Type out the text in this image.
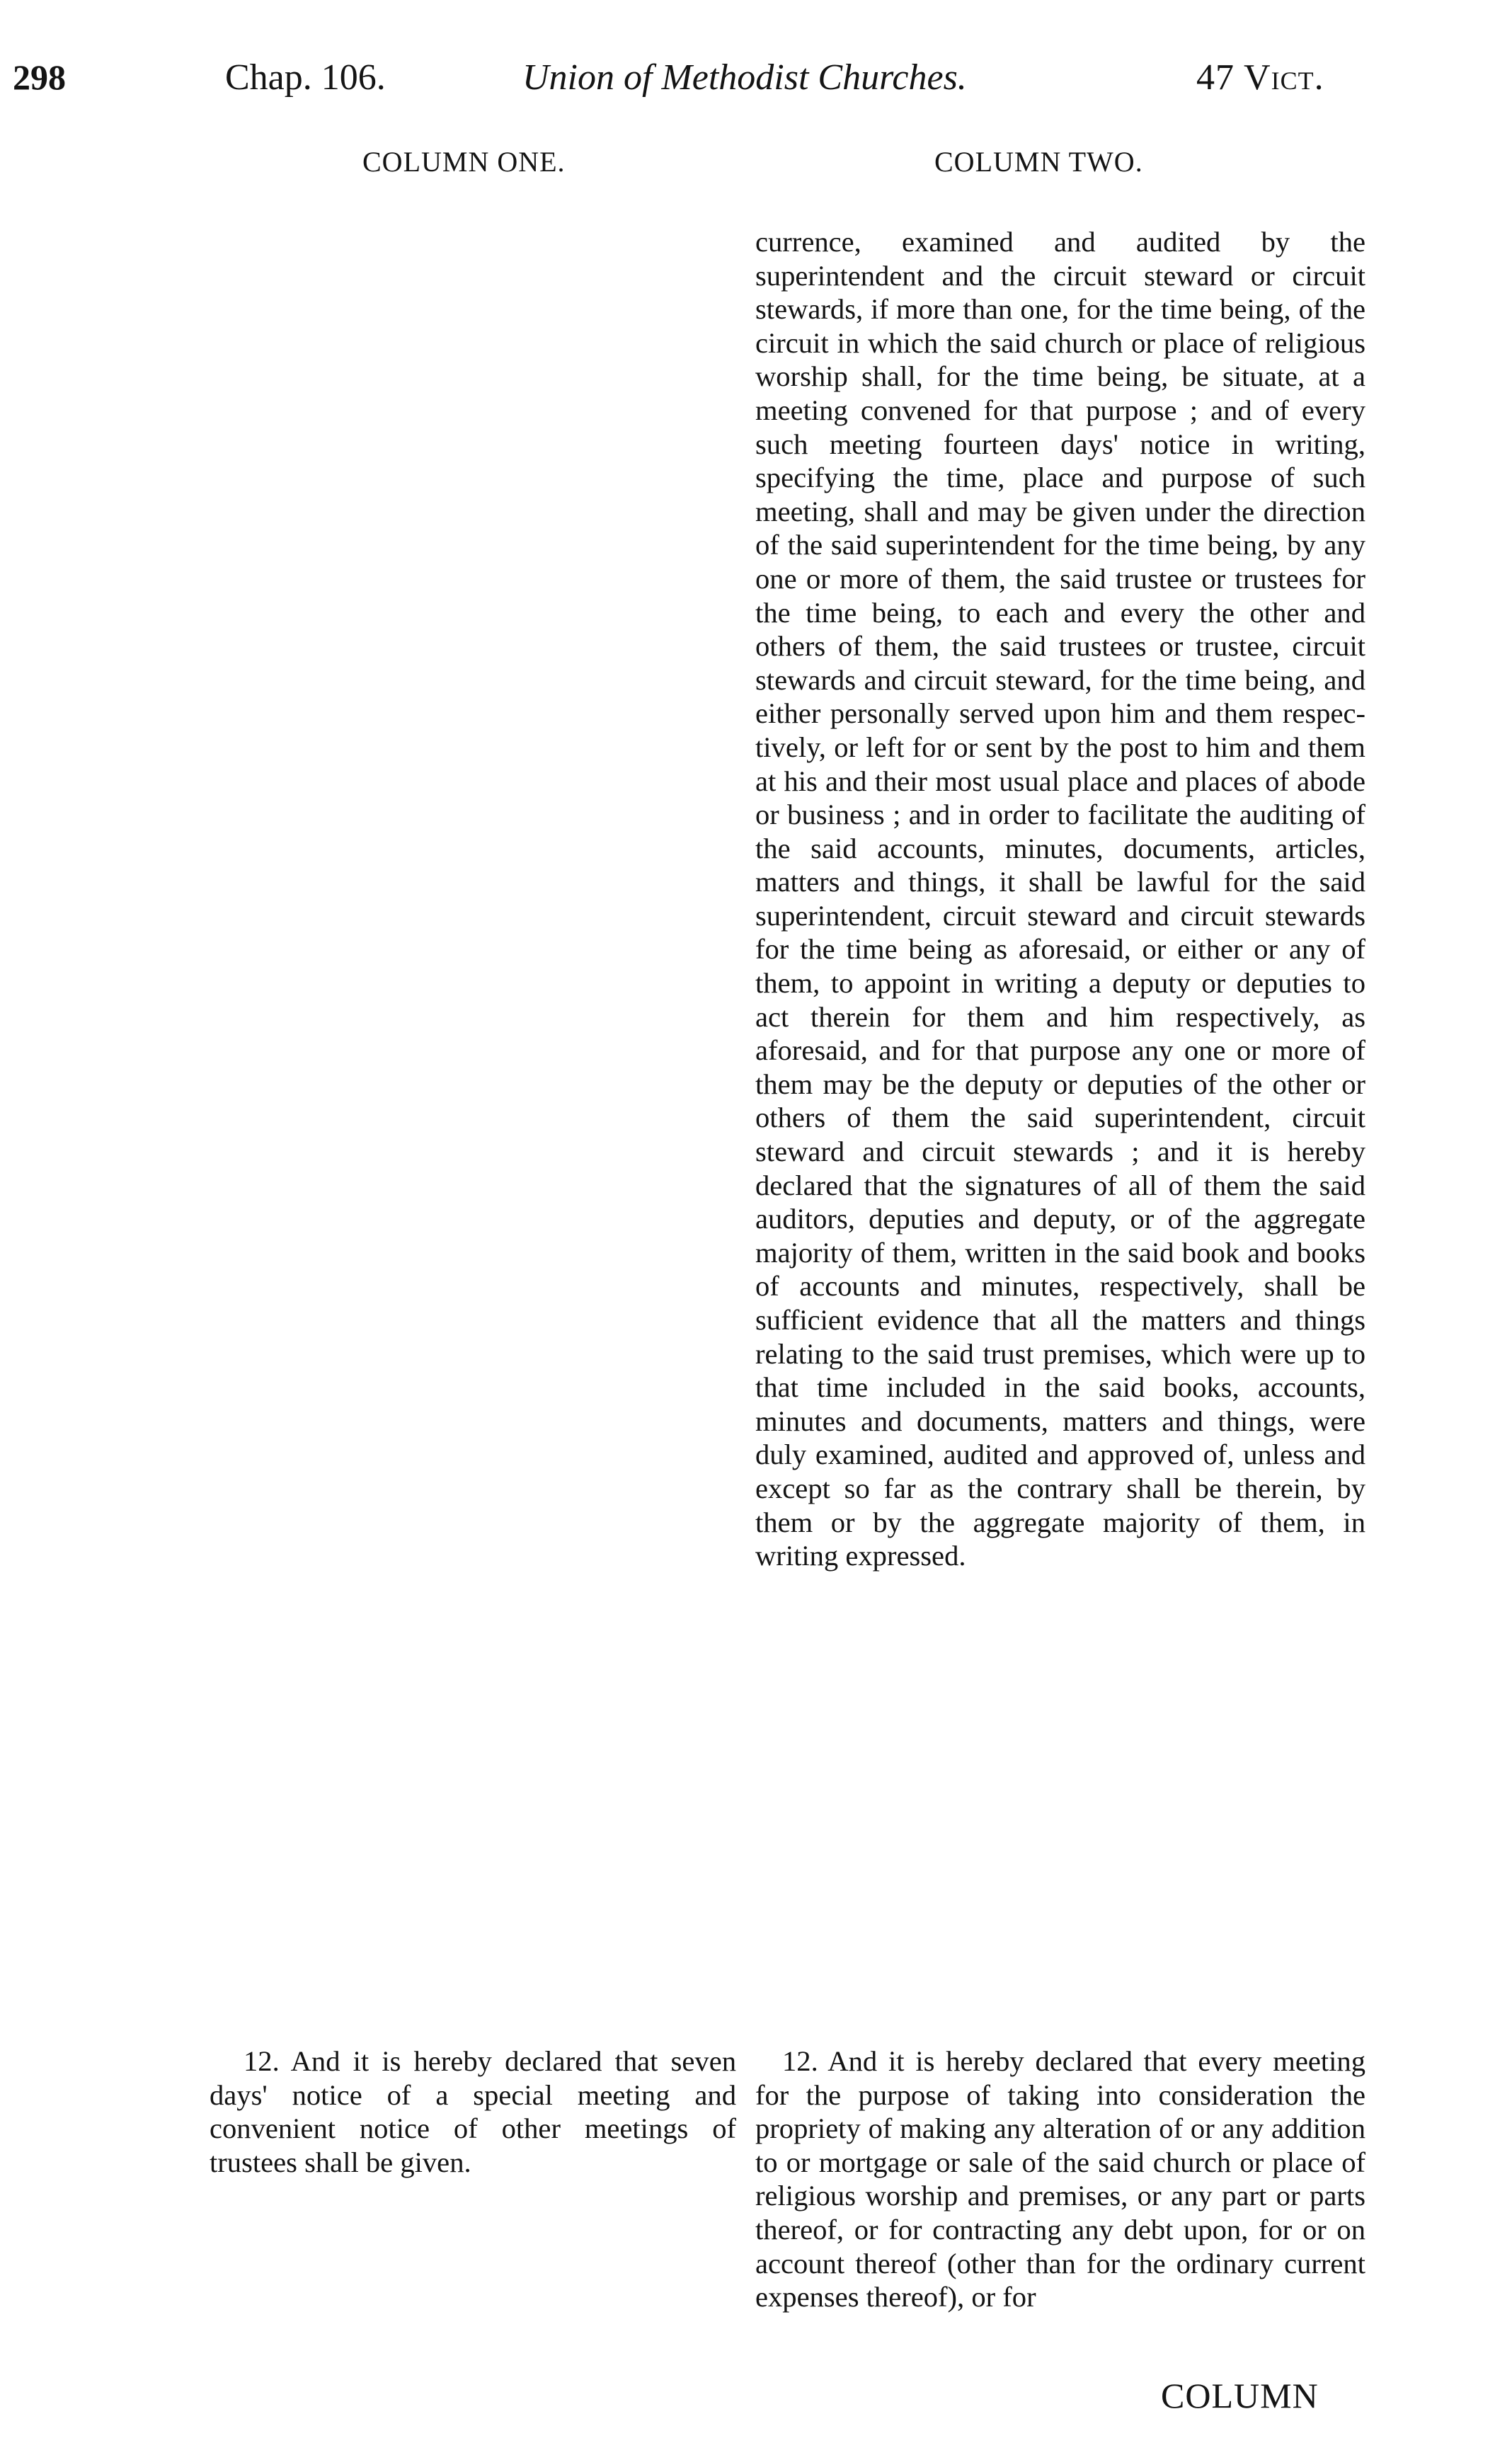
298	Chap. 106.	Union of Methodist Churches.	47 Vict.
COLUMN ONE.	COLUMN TWO.

currence, examined and audited by the superintendent and the circuit steward or circuit stewards, if more than one, for the time being, of the circuit in which the said church or place of religious worship shall, for the time being, be situate, at a meeting convened for that purpose ; and of every such meeting fourteen days' notice in writing, specifying the time, place and purpose of such meeting, shall and may be given under the direction of the said superintendent for the time being, by any one or more of them, the said trustee or trustees for the time being, to each and every the other and others of them, the said trustees or trustee, circuit stewards and circuit steward, for the time being, and either personally served upon him and them respectively, or left for or sent by the post to him and them at his and their most usual place and places of abode or business ; and in order to facilitate the auditing of the said accounts, minutes, documents, articles, matters and things, it shall be lawful for the said superintendent, circuit steward and circuit stewards for the time being as aforesaid, or either or any of them, to appoint in writing a deputy or deputies to act therein for them and him respectively, as aforesaid, and for that purpose any one or more of them may be the deputy or deputies of the other or others of them the said superintendent, circuit steward and circuit stewards ; and it is hereby declared that the signatures of all of them the said auditors, deputies and deputy, or of the aggregate majority of them, written in the said book and books of accounts and minutes, respectively, shall be sufficient evidence that all the matters and things relating to the said trust premises, which were up to that time included in the said books, accounts, minutes and documents, matters and things, were duly examined, audited and approved of, unless and except so far as the contrary shall be therein, by them or by the aggregate majority of them, in writing expressed.

12. And it is hereby declared that seven days' notice of a special meeting and convenient notice of other meetings of trustees shall be given.

12. And it is hereby declared that every meeting for the purpose of taking into consideration the propriety of making any alteration of or any addition to or mortgage or sale of the said church or place of religious worship and premises, or any part or parts thereof, or for contracting any debt upon, for or on account thereof (other than for the ordinary current expenses thereof), or for

COLUMN
